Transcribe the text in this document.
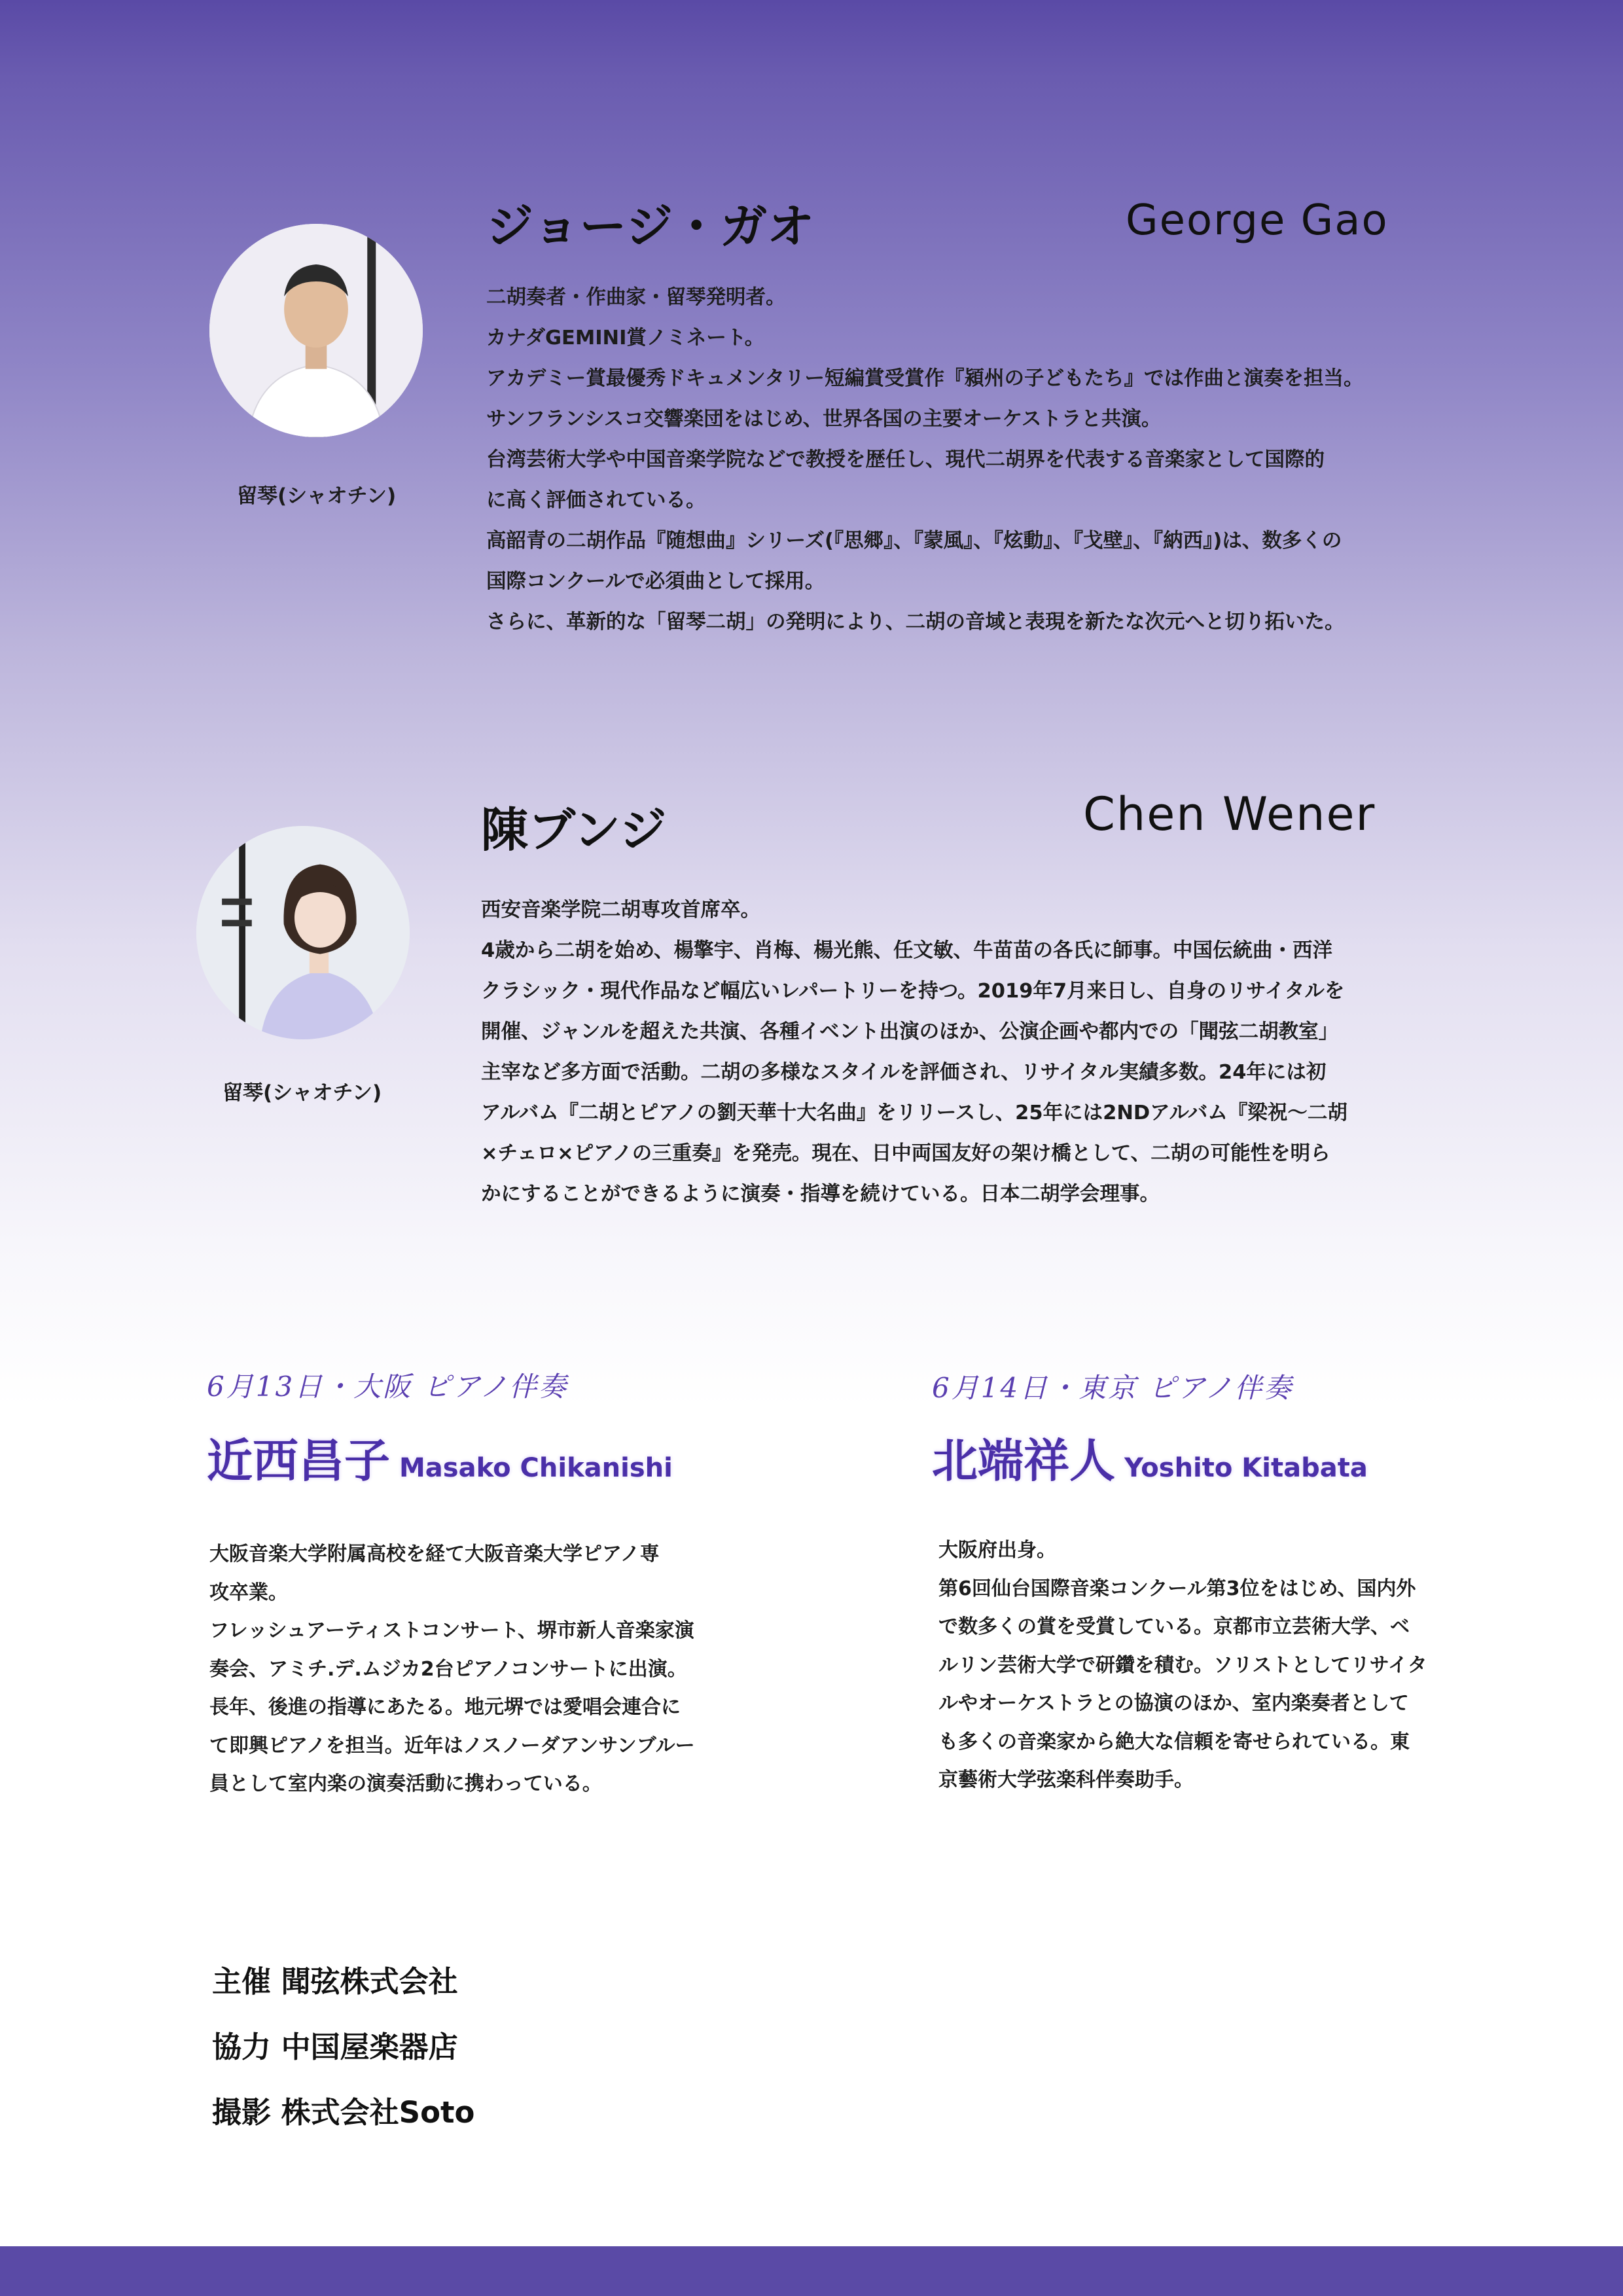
留琴(シャオチン)
ジョージ・ガオ	George Gao

二胡奏者・作曲家・留琴発明者。

カナダGEMINI賞ノミネート。

アカデミー賞最優秀ドキュメンタリー短編賞受賞作『潁州の子どもたち』では作曲と演奏を担当。

サンフランシスコ交響楽団をはじめ、世界各国の主要オーケストラと共演。

台湾芸術大学や中国音楽学院などで教授を歴任し、現代二胡界を代表する音楽家として国際的

に高く評価されている。

高韶青の二胡作品『随想曲』シリーズ(『思郷』、『蒙風』、『炫動』、『戈壁』、『納西』)は、数多くの

国際コンクールで必須曲として採用。

さらに、革新的な「留琴二胡」の発明により、二胡の音域と表現を新たな次元へと切り拓いた。

留琴(シャオチン)
陳ブンジ	Chen Wener

西安音楽学院二胡専攻首席卒。

4歳から二胡を始め、楊擎宇、肖梅、楊光熊、任文敏、牛苗苗の各氏に師事。中国伝統曲・西洋

クラシック・現代作品など幅広いレパートリーを持つ。2019年7月来日し、自身のリサイタルを

開催、ジャンルを超えた共演、各種イベント出演のほか、公演企画や都内での「聞弦二胡教室」

主宰など多方面で活動。二胡の多様なスタイルを評価され、リサイタル実績多数。24年には初

アルバム『二胡とピアノの劉天華十大名曲』をリリースし、25年には2NDアルバム『梁祝〜二胡

×チェロ×ピアノの三重奏』を発売。現在、日中両国友好の架け橋として、二胡の可能性を明ら

かにすることができるように演奏・指導を続けている。日本二胡学会理事。

6月13日・大阪 ピアノ伴奏
近西昌子 Masako Chikanishi

大阪音楽大学附属高校を経て大阪音楽大学ピアノ専

攻卒業。

フレッシュアーティストコンサート、堺市新人音楽家演

奏会、アミチ.デ.ムジカ2台ピアノコンサートに出演。

長年、後進の指導にあたる。地元堺では愛唱会連合に

て即興ピアノを担当。近年はノスノーダアンサンブルー

員として室内楽の演奏活動に携わっている。

6月14日・東京 ピアノ伴奏
北端祥人 Yoshito Kitabata

大阪府出身。

第6回仙台国際音楽コンクール第3位をはじめ、国内外

で数多くの賞を受賞している。京都市立芸術大学、ベ

ルリン芸術大学で研鑽を積む。ソリストとしてリサイタ

ルやオーケストラとの協演のほか、室内楽奏者として

も多くの音楽家から絶大な信頼を寄せられている。東

京藝術大学弦楽科伴奏助手。

主催 聞弦株式会社
協力 中国屋楽器店
撮影 株式会社Soto
